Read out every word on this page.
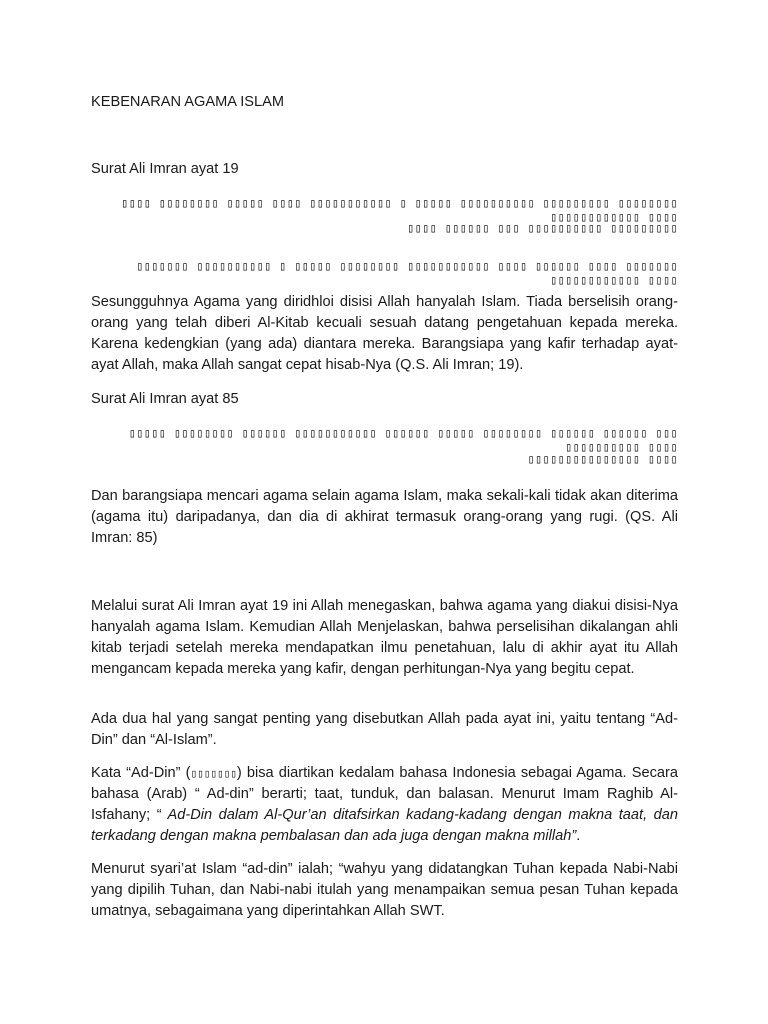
KEBENARAN AGAMA ISLAM

Surat Ali Imran ayat 19

▯▯▯▯ ▯▯▯▯▯▯▯▯ ▯▯▯▯▯ ▯▯▯▯ ▯▯▯▯▯▯▯▯▯▯▯ ▯ ▯▯▯▯▯ ▯▯▯▯▯▯▯▯▯▯ ▯▯▯▯▯▯▯▯▯ ▯▯▯▯▯▯▯▯ ▯▯▯▯▯▯▯▯▯▯▯▯ ▯▯▯▯
▯▯▯▯ ▯▯▯▯▯▯ ▯▯▯ ▯▯▯▯▯▯▯▯▯▯ ▯▯▯▯▯▯▯▯▯
▯▯▯▯▯▯▯ ▯▯▯▯▯▯▯▯▯▯ ▯ ▯▯▯▯▯ ▯▯▯▯▯▯▯▯ ▯▯▯▯▯▯▯▯▯▯▯ ▯▯▯▯ ▯▯▯▯▯▯ ▯▯▯▯ ▯▯▯▯▯▯▯ ▯▯▯▯▯▯▯▯▯▯▯▯ ▯▯▯▯

Sesungguhnya Agama yang diridhloi disisi Allah hanyalah Islam. Tiada berselisih orang-orang yang telah diberi Al-Kitab kecuali sesuah datang pengetahuan kepada mereka. Karena kedengkian (yang ada) diantara mereka. Barangsiapa yang kafir terhadap ayat-ayat Allah, maka Allah sangat cepat hisab-Nya (Q.S. Ali Imran; 19).

Surat Ali Imran ayat 85

▯▯▯▯▯ ▯▯▯▯▯▯▯▯ ▯▯▯▯▯▯ ▯▯▯▯▯▯▯▯▯▯▯ ▯▯▯▯▯▯ ▯▯▯▯▯ ▯▯▯▯▯▯▯▯ ▯▯▯▯▯▯ ▯▯▯▯▯▯ ▯▯▯ ▯▯▯▯▯▯▯▯▯▯ ▯▯▯▯
▯▯▯▯▯▯▯▯▯▯▯▯▯▯▯ ▯▯▯▯

Dan barangsiapa mencari agama selain agama Islam, maka sekali-kali tidak akan diterima (agama itu) daripadanya, dan dia di akhirat termasuk orang-orang yang rugi. (QS. Ali Imran: 85)

Melalui surat Ali Imran ayat 19 ini Allah menegaskan, bahwa agama yang diakui disisi-Nya hanyalah agama Islam. Kemudian Allah Menjelaskan, bahwa perselisihan dikalangan ahli kitab terjadi setelah mereka mendapatkan ilmu penetahuan, lalu di akhir ayat itu Allah mengancam kepada mereka yang kafir, dengan perhitungan-Nya yang begitu cepat.

Ada dua hal yang sangat penting yang disebutkan Allah pada ayat ini, yaitu tentang “Ad-Din” dan “Al-Islam”.

Kata “Ad-Din” (▯▯▯▯▯▯▯) bisa diartikan kedalam bahasa Indonesia sebagai Agama. Secara bahasa (Arab) “ Ad-din” berarti; taat, tunduk, dan balasan. Menurut Imam Raghib Al-Isfahany; “ Ad-Din dalam Al-Qur’an ditafsirkan kadang-kadang dengan makna taat, dan terkadang dengan makna pembalasan dan ada juga dengan makna millah”.

Menurut syari’at Islam “ad-din” ialah; “wahyu yang didatangkan Tuhan kepada Nabi-Nabi yang dipilih Tuhan, dan Nabi-nabi itulah yang menampaikan semua pesan Tuhan kepada umatnya, sebagaimana yang diperintahkan Allah SWT.
